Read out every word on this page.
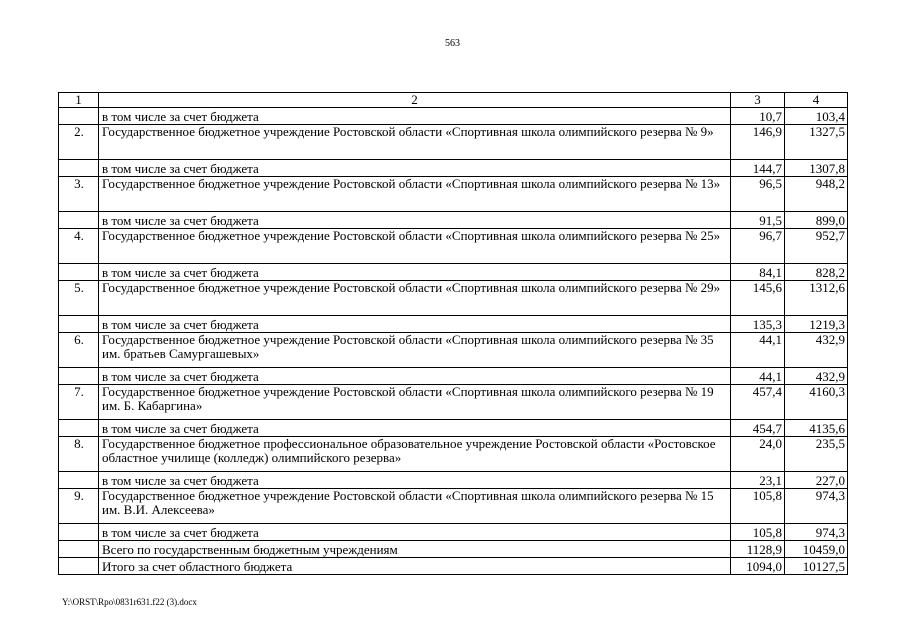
563
1	2	3	4
	в том числе за счет бюджета	10,7	103,4
2.	Государственное бюджетное учреждение Ростовской области «Спортивная школа олимпийского резерва № 9»	146,9	1327,5
	в том числе за счет бюджета	144,7	1307,8
3.	Государственное бюджетное учреждение Ростовской области «Спортивная школа олимпийского резерва № 13»	96,5	948,2
	в том числе за счет бюджета	91,5	899,0
4.	Государственное бюджетное учреждение Ростовской области «Спортивная школа олимпийского резерва № 25»	96,7	952,7
	в том числе за счет бюджета	84,1	828,2
5.	Государственное бюджетное учреждение Ростовской области «Спортивная школа олимпийского резерва № 29»	145,6	1312,6
	в том числе за счет бюджета	135,3	1219,3
6.	Государственное бюджетное учреждение Ростовской области «Спортивная школа олимпийского резерва № 35 им. братьев Самургашевых»	44,1	432,9
	в том числе за счет бюджета	44,1	432,9
7.	Государственное бюджетное учреждение Ростовской области «Спортивная школа олимпийского резерва № 19 им. Б. Кабаргина»	457,4	4160,3
	в том числе за счет бюджета	454,7	4135,6
8.	Государственное бюджетное профессиональное образовательное учреждение Ростовской области «Ростовское областное училище (колледж) олимпийского резерва»	24,0	235,5
	в том числе за счет бюджета	23,1	227,0
9.	Государственное бюджетное учреждение Ростовской области «Спортивная школа олимпийского резерва № 15 им. В.И. Алексеева»	105,8	974,3
	в том числе за счет бюджета	105,8	974,3
	Всего по государственным бюджетным учреждениям	1128,9	10459,0
	Итого за счет областного бюджета	1094,0	10127,5
Y:\ORST\Rpo\0831r631.f22 (3).docx
